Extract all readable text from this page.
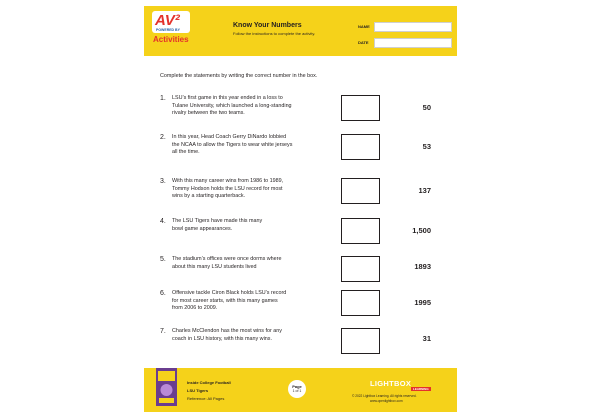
AV²
POWERED BY
Activities
Know Your Numbers
Follow the instructions to complete the activity.
NAME
DATE
Complete the statements by writing the correct number in the box.
1. LSU’s first game in this year ended in a loss to
Tulane University, which launched a long-standing
rivalry between the two teams.
50
2. In this year, Head Coach Gerry DiNardo lobbied
the NCAA to allow the Tigers to wear white jerseys
all the time.
53
3. With this many career wins from 1986 to 1989,
Tommy Hodson holds the LSU record for most
wins by a starting quarterback.
137
4. The LSU Tigers have made this many
bowl game appearances.	1,500
5. The stadium’s offices were once dorms where
about this many LSU students lived	1893
6. Offensive tackle Ciron Black holds LSU’s record
for most career starts, with this many games
from 2006 to 2009.
1995
7. Charles McClendon has the most wins for any
coach in LSU history, with this many wins.	31
Inside College Football
LSU Tigers
Reference: All Pages
Page
1 of 1
LIGHTBOX
LEARNING
© 2022 Lightbox Learning. All rights reserved.
www.openlightbox.com
